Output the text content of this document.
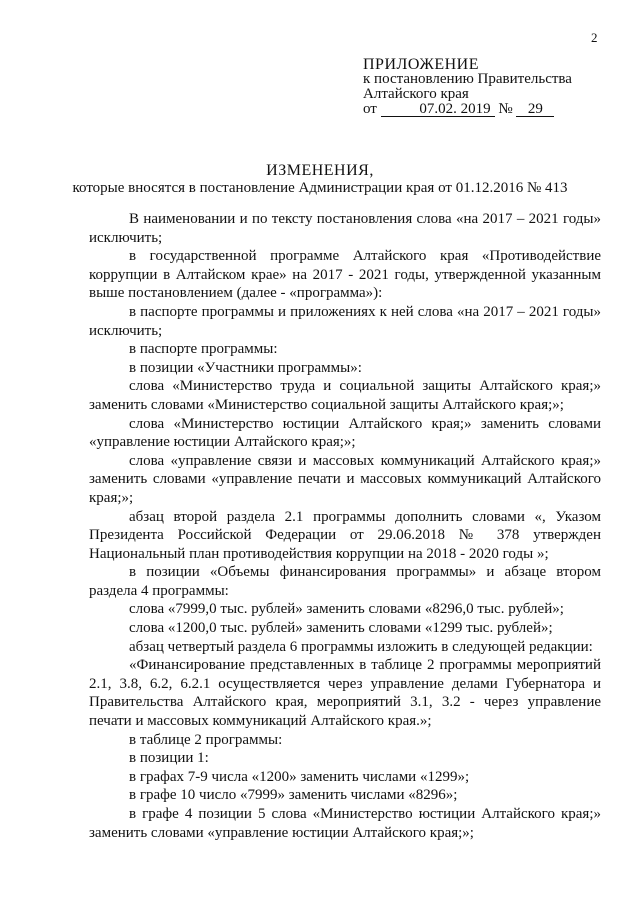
2
ПРИЛОЖЕНИЕ
к постановлению Правительства
Алтайского края
от	07.02. 2019 № 29
ИЗМЕНЕНИЯ,
которые вносятся в постановление Администрации края от 01.12.2016 № 413

В наименовании и по тексту постановления слова «на 2017 – 2021 годы» исключить;

в государственной программе Алтайского края «Противодействие коррупции в Алтайском крае» на 2017 - 2021 годы, утвержденной указанным выше постановлением (далее - «программа»):

в паспорте программы и приложениях к ней слова «на 2017 – 2021 годы» исключить;

в паспорте программы:

в позиции «Участники программы»:

слова «Министерство труда и социальной защиты Алтайского края;» заменить словами «Министерство социальной защиты Алтайского края;»;

слова «Министерство юстиции Алтайского края;» заменить словами «управление юстиции Алтайского края;»;

слова «управление связи и массовых коммуникаций Алтайского края;» заменить словами «управление печати и массовых коммуникаций Алтайского края;»;

абзац второй раздела 2.1 программы дополнить словами «, Указом Президента Российской Федерации от 29.06.2018 № 378 утвержден Национальный план противодействия коррупции на 2018 - 2020 годы »;

в позиции «Объемы финансирования программы» и абзаце втором раздела 4 программы:

слова «7999,0 тыс. рублей» заменить словами «8296,0 тыс. рублей»;

слова «1200,0 тыс. рублей» заменить словами «1299 тыс. рублей»;

абзац четвертый раздела 6 программы изложить в следующей редакции:

«Финансирование представленных в таблице 2 программы мероприятий 2.1, 3.8, 6.2, 6.2.1 осуществляется через управление делами Губернатора и Правительства Алтайского края, мероприятий 3.1, 3.2 - через управление печати и массовых коммуникаций Алтайского края.»;

в таблице 2 программы:

в позиции 1:

в графах 7-9 числа «1200» заменить числами «1299»;

в графе 10 число «7999» заменить числами «8296»;

в графе 4 позиции 5 слова «Министерство юстиции Алтайского края;» заменить словами «управление юстиции Алтайского края;»;
